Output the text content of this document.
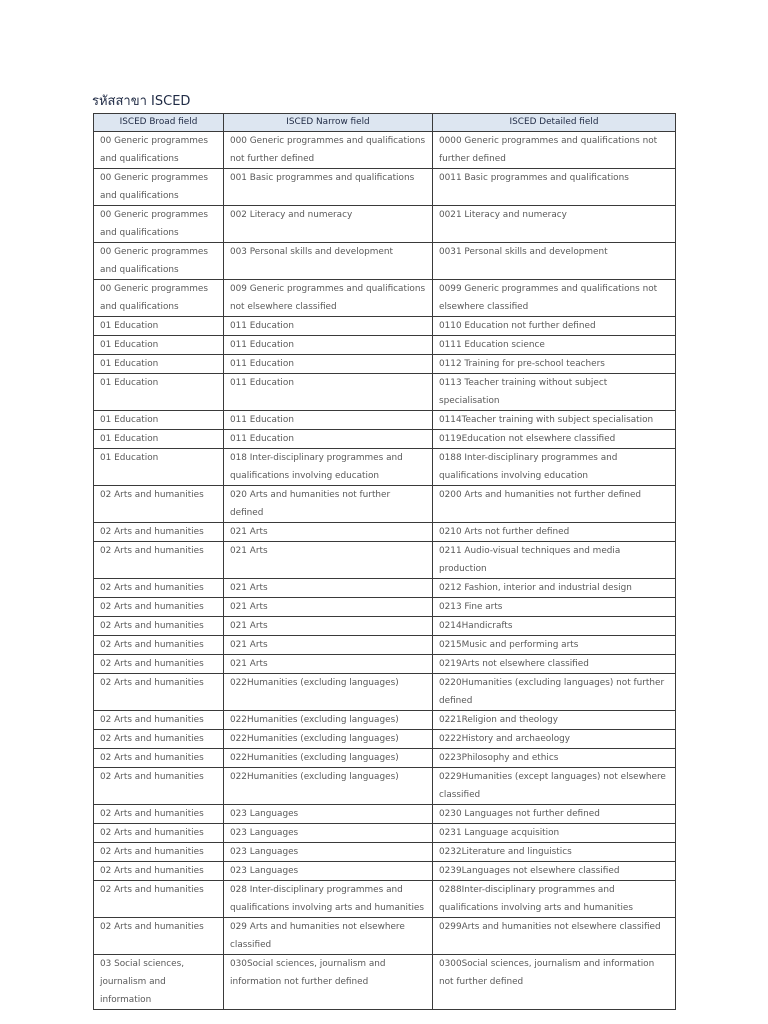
รหัสสาขา ISCED
ISCED Broad field	ISCED Narrow field	ISCED Detailed field
00 Generic programmes and qualifications	000 Generic programmes and qualifications not further defined	0000 Generic programmes and qualifications not further defined
00 Generic programmes and qualifications	001 Basic programmes and qualifications	0011 Basic programmes and qualifications
00 Generic programmes and qualifications	002 Literacy and numeracy	0021 Literacy and numeracy
00 Generic programmes and qualifications	003 Personal skills and development	0031 Personal skills and development
00 Generic programmes and qualifications	009 Generic programmes and qualifications not elsewhere classified	0099 Generic programmes and qualifications not elsewhere classified
01 Education	011 Education	0110 Education not further defined
01 Education	011 Education	0111 Education science
01 Education	011 Education	0112 Training for pre-school teachers
01 Education	011 Education	0113 Teacher training without subject specialisation
01 Education	011 Education	0114Teacher training with subject specialisation
01 Education	011 Education	0119Education not elsewhere classified
01 Education	018 Inter-disciplinary programmes and qualifications involving education	0188 Inter-disciplinary programmes and qualifications involving education
02 Arts and humanities	020 Arts and humanities not further defined	0200 Arts and humanities not further defined
02 Arts and humanities	021 Arts	0210 Arts not further defined
02 Arts and humanities	021 Arts	0211 Audio-visual techniques and media production
02 Arts and humanities	021 Arts	0212 Fashion, interior and industrial design
02 Arts and humanities	021 Arts	0213 Fine arts
02 Arts and humanities	021 Arts	0214Handicrafts
02 Arts and humanities	021 Arts	0215Music and performing arts
02 Arts and humanities	021 Arts	0219Arts not elsewhere classified
02 Arts and humanities	022Humanities (excluding languages)	0220Humanities (excluding languages) not further defined
02 Arts and humanities	022Humanities (excluding languages)	0221Religion and theology
02 Arts and humanities	022Humanities (excluding languages)	0222History and archaeology
02 Arts and humanities	022Humanities (excluding languages)	0223Philosophy and ethics
02 Arts and humanities	022Humanities (excluding languages)	0229Humanities (except languages) not elsewhere classified
02 Arts and humanities	023 Languages	0230 Languages not further defined
02 Arts and humanities	023 Languages	0231 Language acquisition
02 Arts and humanities	023 Languages	0232Literature and linguistics
02 Arts and humanities	023 Languages	0239Languages not elsewhere classified
02 Arts and humanities	028 Inter-disciplinary programmes and qualifications involving arts and humanities	0288Inter-disciplinary programmes and qualifications involving arts and humanities
02 Arts and humanities	029 Arts and humanities not elsewhere classified	0299Arts and humanities not elsewhere classified
03 Social sciences, journalism and information	030Social sciences, journalism and information not further defined	0300Social sciences, journalism and information not further defined
